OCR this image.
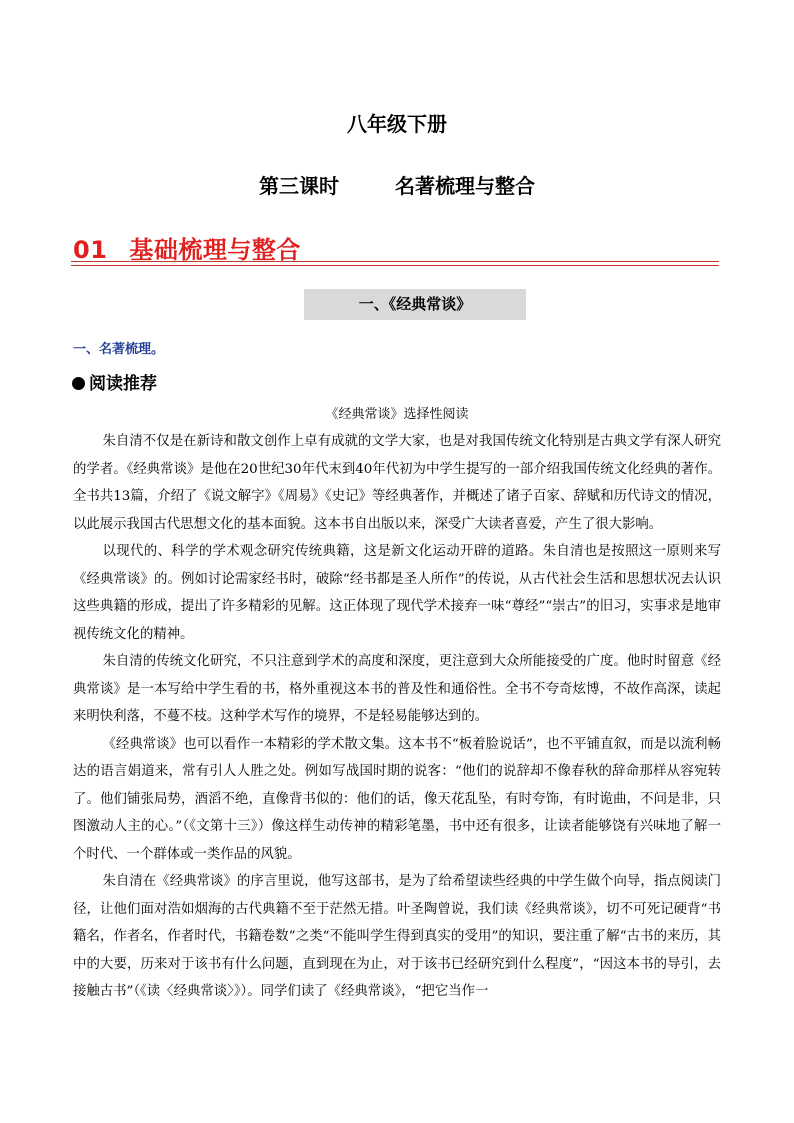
八年级下册
第三课时	名著梳理与整合
01 基础梳理与整合
一、《经典常谈》
一、名著梳理。
阅读推荐
《经典常谈》选择性阅读

朱自清不仅是在新诗和散文创作上卓有成就的文学大家，也是对我国传统文化特别是古典文学有深人研究的学者。《经典常谈》是他在20世纪30年代末到40年代初为中学生提写的一部介绍我国传统文化经典的著作。全书共13篇，介绍了《说文解字》《周易》《史记》等经典著作，并概述了诸子百家、辞赋和历代诗文的情况，以此展示我国古代思想文化的基本面貌。这本书自出版以来，深受广大读者喜爱，产生了很大影响。

以现代的、科学的学术观念研究传统典籍，这是新文化运动开辟的道路。朱自清也是按照这一原则来写《经典常谈》的。例如讨论需家经书时，破除“经书都是圣人所作”的传说，从古代社会生活和思想状况去认识这些典籍的形成，提出了许多精彩的见解。这正体现了现代学术接弃一味“尊经”“崇古”的旧习，实事求是地审视传统文化的精神。

朱自清的传统文化研究，不只注意到学术的高度和深度，更注意到大众所能接受的广度。他时时留意《经典常谈》是一本写给中学生看的书，格外重视这本书的普及性和通俗性。全书不夸奇炫博，不故作高深，读起来明快利落，不蔓不枝。这种学术写作的境界，不是轻易能够达到的。

《经典常谈》也可以看作一本精彩的学术散文集。这本书不“板着脸说话”，也不平铺直叙，而是以流利畅达的语言娟道来，常有引人人胜之处。例如写战国时期的说客：“他们的说辞却不像春秋的辞命那样从容宛转了。他们铺张局势，酒滔不绝，直像背书似的：他们的话，像天花乱坠，有时夸饰，有时诡曲，不问是非，只图激动人主的心。”（《文第十三》）像这样生动传神的精彩笔墨，书中还有很多，让读者能够饶有兴味地了解一个时代、一个群体或一类作品的风貌。

朱自清在《经典常谈》的序言里说，他写这部书，是为了给希望读些经典的中学生做个向导，指点阅读门径，让他们面对浩如烟海的古代典籍不至于茫然无措。叶圣陶曾说，我们读《经典常谈》，切不可死记硬背“书籍名，作者名，作者时代，书籍卷数”之类“不能叫学生得到真实的受用”的知识，要注重了解“古书的来历，其中的大要，历来对于该书有什么问题，直到现在为止，对于该书已经研究到什么程度”，“因这本书的导引，去接触古书”（《读〈经典常谈〉》）。同学们读了《经典常谈》，“把它当作一
